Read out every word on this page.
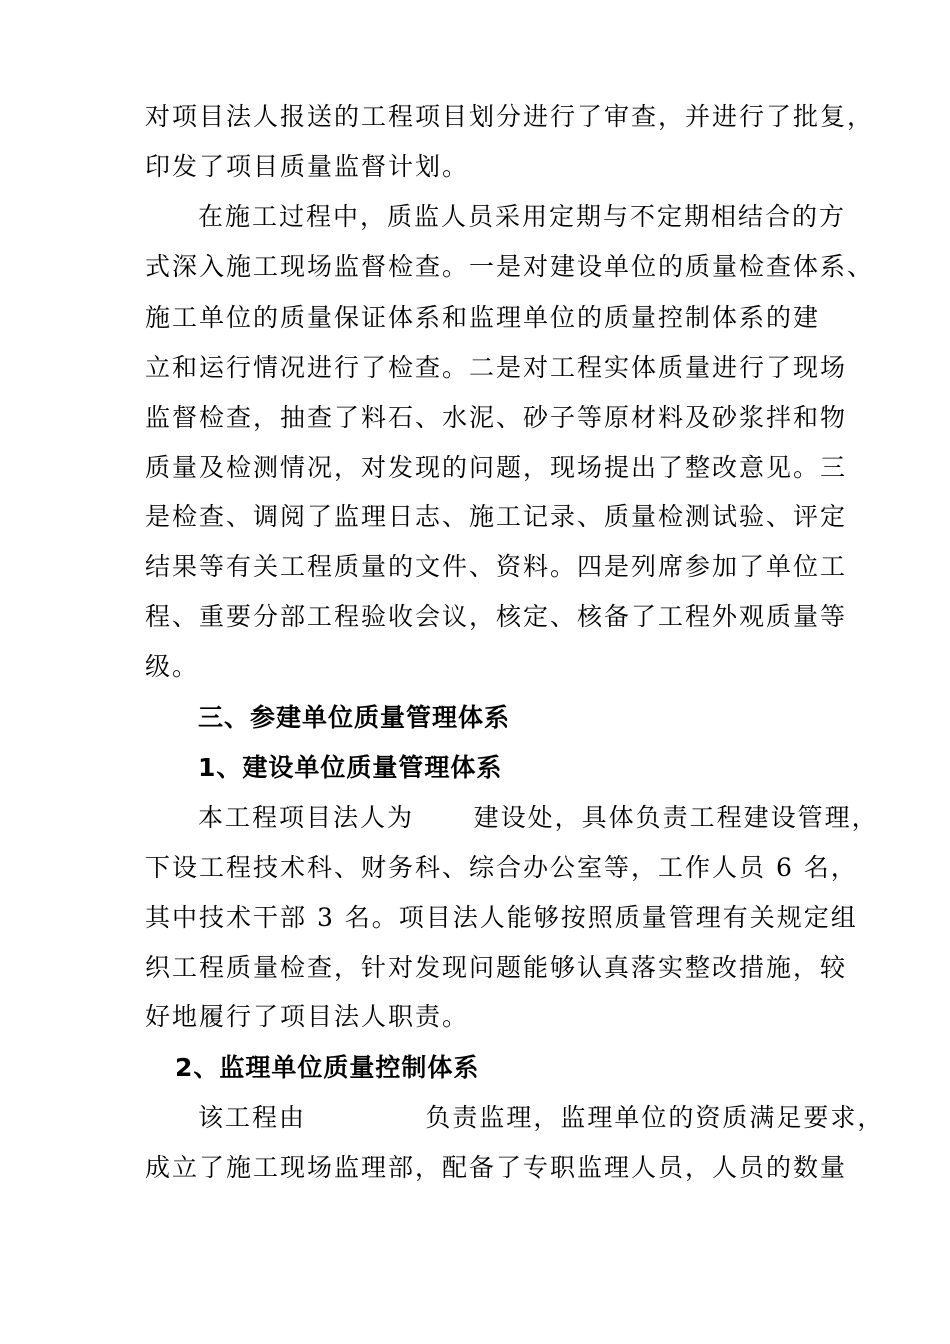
对项目法人报送的工程项目划分进行了审查，并进行了批复，
印发了项目质量监督计划。
在施工过程中，质监人员采用定期与不定期相结合的方
式深入施工现场监督检查。一是对建设单位的质量检查体系、
施工单位的质量保证体系和监理单位的质量控制体系的建
立和运行情况进行了检查。二是对工程实体质量进行了现场
监督检查，抽查了料石、水泥、砂子等原材料及砂浆拌和物
质量及检测情况，对发现的问题，现场提出了整改意见。三
是检查、调阅了监理日志、施工记录、质量检测试验、评定
结果等有关工程质量的文件、资料。四是列席参加了单位工
程、重要分部工程验收会议，核定、核备了工程外观质量等
级。
三、参建单位质量管理体系
1、建设单位质量管理体系
本工程项目法人为      建设处，具体负责工程建设管理，
下设工程技术科、财务科、综合办公室等，工作人员 6 名，
其中技术干部 3 名。项目法人能够按照质量管理有关规定组
织工程质量检查，针对发现问题能够认真落实整改措施，较
好地履行了项目法人职责。
2、监理单位质量控制体系
该工程由            负责监理，监理单位的资质满足要求，
成立了施工现场监理部，配备了专职监理人员，人员的数量
